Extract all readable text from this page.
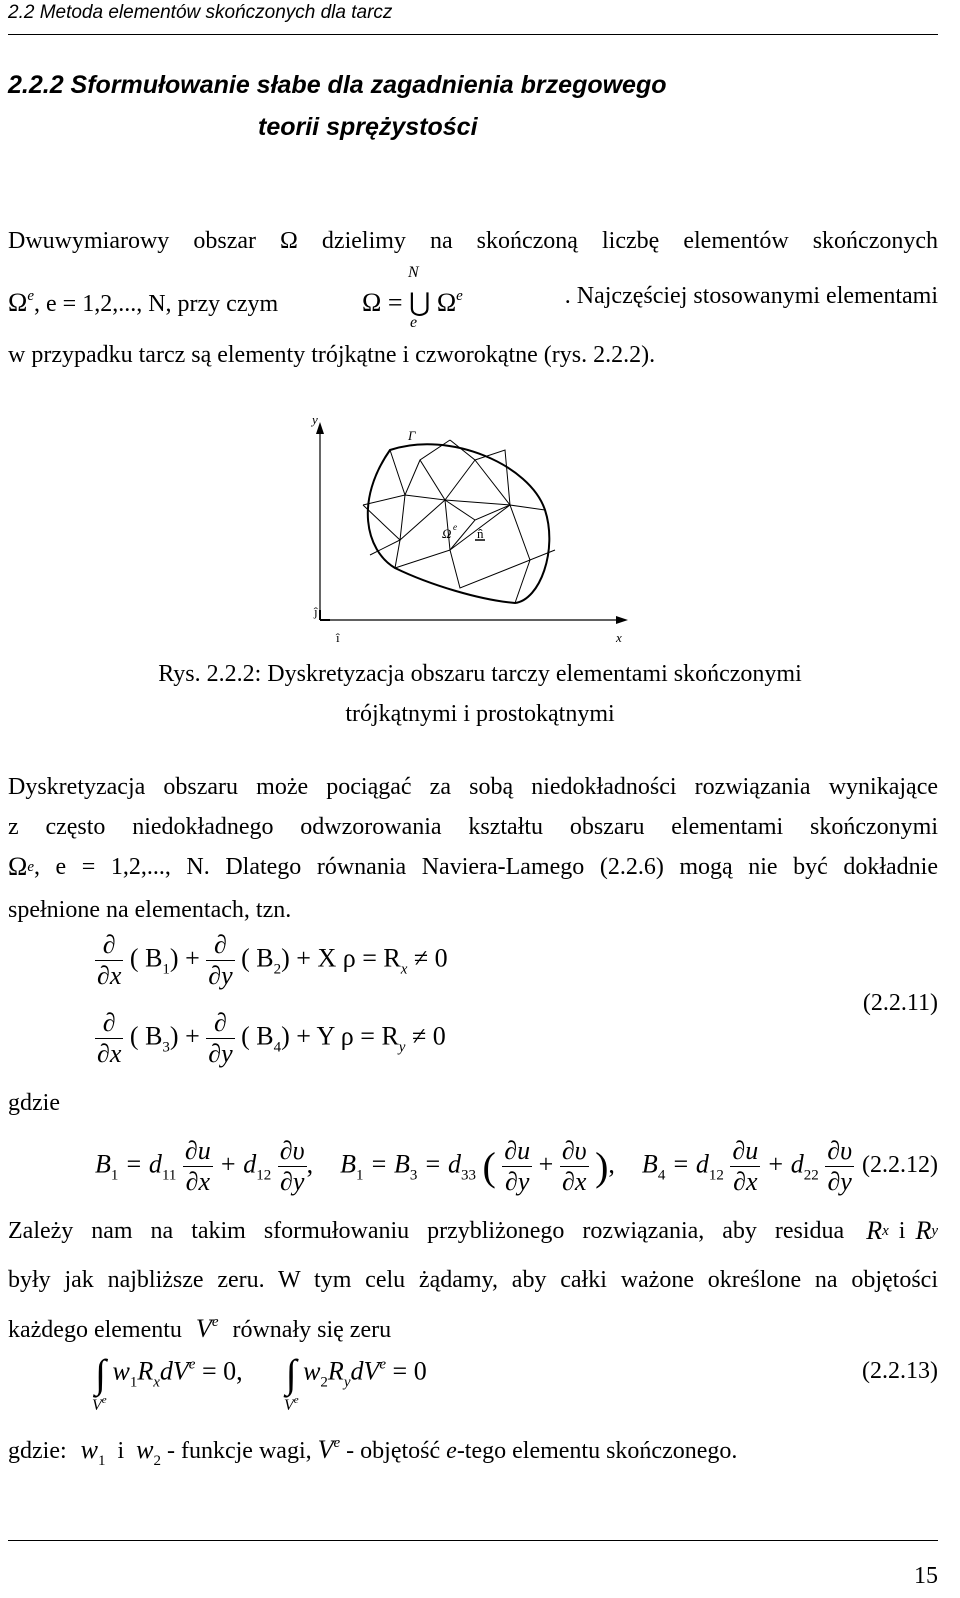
2.2 Metoda elementów skończonych dla tarcz
2.2.2 Sformułowanie słabe dla zagadnienia brzegowego
teorii sprężystości
Dwuwymiarowy obszar Ω dzielimy na skończoną liczbę elementów skończonych
$\Omega^e$, e = 1,2,..., N, przy czym	Ω = ⋃ $\Omega^e$
N
e
. Najczęściej stosowanymi elementami
w przypadku tarcz są elementy trójkątne i czworokątne (rys. 2.2.2).
y
x
Γ
Ω e n̂
î
ĵ
Rys. 2.2.2: Dyskretyzacja obszaru tarczy elementami skończonymi
trójkątnymi i prostokątnymi
Dyskretyzacja obszaru może pociągać za sobą niedokładności rozwiązania wynikające
z często niedokładnego odwzorowania kształtu obszaru elementami skończonymi
Ω e , e = 1,2,..., N. Dlatego równania Naviera-Lamego (2.2.6) mogą nie być dokładnie
spełnione na elementach, tzn.
$\frac{\partial}{\partial x}$ ( $B_1) + \frac{\partial}{\partial y}$ ( $B_2) + X$ $\rho = R_x \ne 0$
$\frac{\partial}{\partial x}$ ( $B_3) + \frac{\partial}{\partial y}$ ( $B_4) + Y$ $\rho = R_y \ne 0$
(2.2.11)
gdzie
$B_1 = d_{11} \frac{\partial u}{\partial x} + d_{12} \frac{\partial\upsilon}{\partial y}$ , $B_1 = B_3 = d_{33}$ ( $\frac{\partial u}{\partial y} + \frac{\partial\upsilon}{\partial x}$ ), $B_4 = d_{12} \frac{\partial u}{\partial x} + d_{22} \frac{\partial\upsilon}{\partial y} (2.2.12)$
Zależy nam na takim sformułowaniu przybliżonego rozwiązania, aby residua R x i R y
były jak najbliższe zeru. W tym celu żądamy, aby całki ważone określone na objętości
każdego elementu Ve równały się zeru
∫ $w_1R_xdV^e = 0$, ∫ $w_2R_ydV^e = 0$
Ve	Ve
(2.2.13)
gdzie: $w_1$ i $w_2$ - funkcje wagi, Ve - objętość e-tego elementu skończonego.
15
